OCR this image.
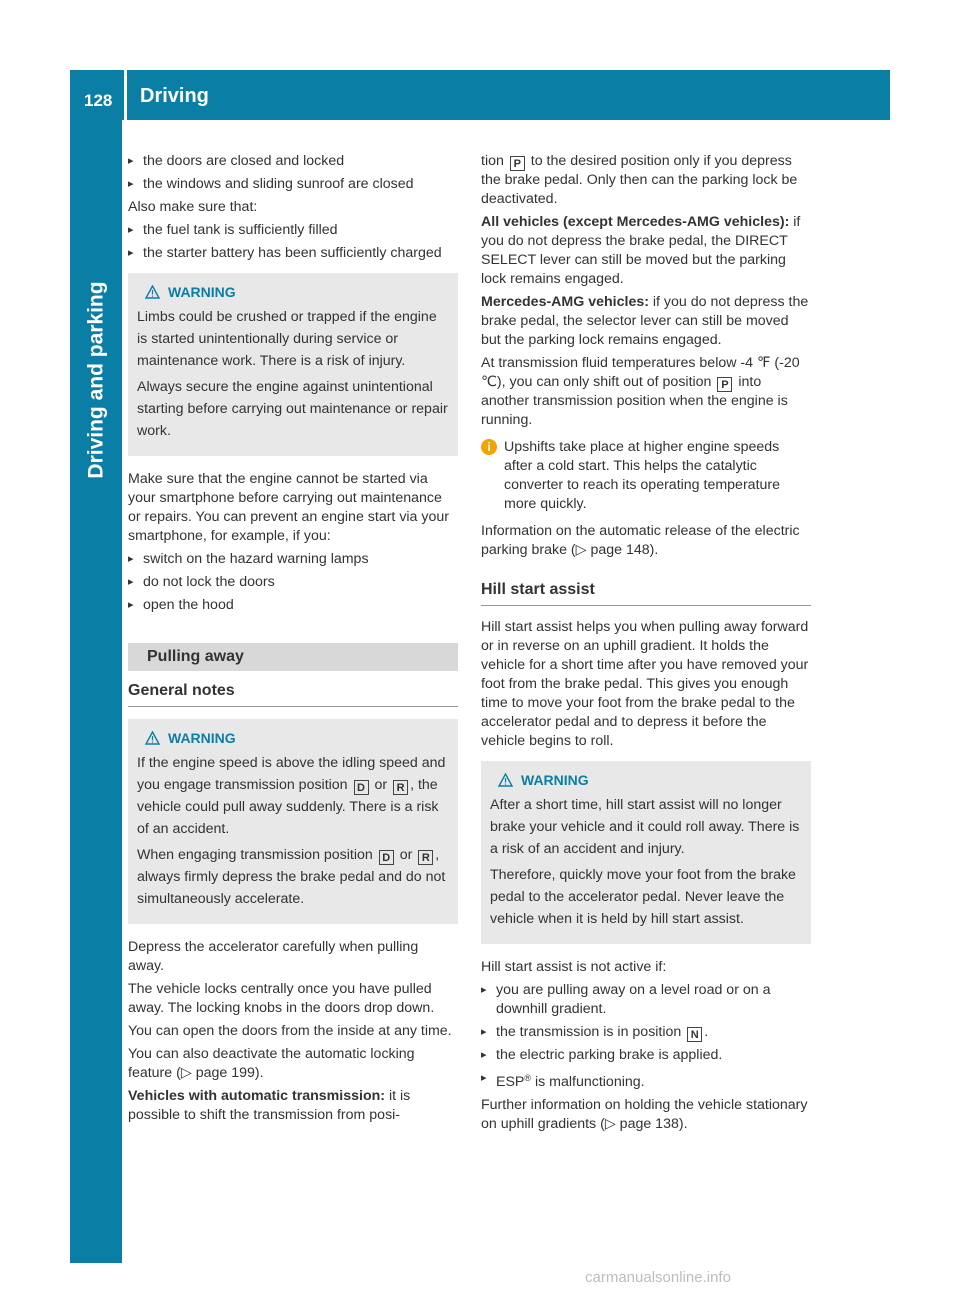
128 Driving
Driving and parking
▸ the doors are closed and locked
▸ the windows and sliding sunroof are closed

Also make sure that:

▸ the fuel tank is sufficiently filled
▸ the starter battery has been sufficiently charged
WARNING

Limbs could be crushed or trapped if the engine is started unintentionally during service or maintenance work. There is a risk of injury.

Always secure the engine against unintentional starting before carrying out maintenance or repair work.

Make sure that the engine cannot be started via your smartphone before carrying out maintenance or repairs. You can prevent an engine start via your smartphone, for example, if you:

▸ switch on the hazard warning lamps
▸ do not lock the doors
▸ open the hood
Pulling away
General notes
WARNING

If the engine speed is above the idling speed and you engage transmission position D or R , the vehicle could pull away suddenly. There is a risk of an accident.

When engaging transmission position D or R , always firmly depress the brake pedal and do not simultaneously accelerate.

Depress the accelerator carefully when pulling away.

The vehicle locks centrally once you have pulled away. The locking knobs in the doors drop down.

You can open the doors from the inside at any time.

You can also deactivate the automatic locking feature (▷ page 199).

Vehicles with automatic transmission: it is possible to shift the transmission from posi-

tion P to the desired position only if you depress the brake pedal. Only then can the parking lock be deactivated.

All vehicles (except Mercedes-AMG vehicles): if you do not depress the brake pedal, the DIRECT SELECT lever can still be moved but the parking lock remains engaged.

Mercedes-AMG vehicles: if you do not depress the brake pedal, the selector lever can still be moved but the parking lock remains engaged.

At transmission fluid temperatures below -4 ℉ (-20 ℃), you can only shift out of position P into another transmission position when the engine is running.

i Upshifts take place at higher engine speeds after a cold start. This helps the catalytic converter to reach its operating temperature more quickly.

Information on the automatic release of the electric parking brake (▷ page 148).

Hill start assist

Hill start assist helps you when pulling away forward or in reverse on an uphill gradient. It holds the vehicle for a short time after you have removed your foot from the brake pedal. This gives you enough time to move your foot from the brake pedal to the accelerator pedal and to depress it before the vehicle begins to roll.

WARNING

After a short time, hill start assist will no longer brake your vehicle and it could roll away. There is a risk of an accident and injury.

Therefore, quickly move your foot from the brake pedal to the accelerator pedal. Never leave the vehicle when it is held by hill start assist.

Hill start assist is not active if:

▸ you are pulling away on a level road or on a downhill gradient.
▸ the transmission is in position N .
▸ the electric parking brake is applied.
▸ ESP® is malfunctioning.

Further information on holding the vehicle stationary on uphill gradients (▷ page 138).

carmanualsonline.info
